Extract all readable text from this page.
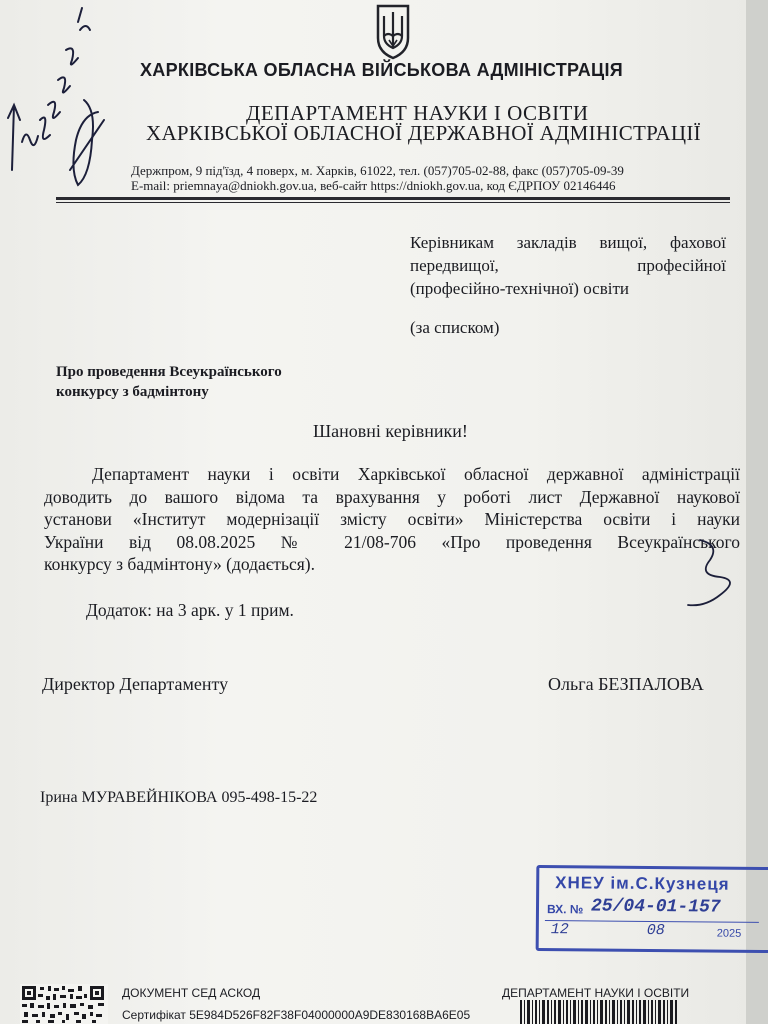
ХАРКІВСЬКА ОБЛАСНА ВІЙСЬКОВА АДМІНІСТРАЦІЯ
ДЕПАРТАМЕНТ НАУКИ І ОСВІТИ
ХАРКІВСЬКОЇ ОБЛАСНОЇ ДЕРЖАВНОЇ АДМІНІСТРАЦІЇ
Держпром, 9 під'їзд, 4 поверх, м. Харків, 61022, тел. (057)705-02-88, факс (057)705-09-39
E-mail: priemnaya@dniokh.gov.ua, веб-сайт https://dniokh.gov.ua, код ЄДРПОУ 02146446
Керівникам закладів вищої, фахової
передвищої, професійної
(професійно-технічної) освіти
(за списком)
Про проведення Всеукраїнського
конкурсу з бадмінтону
Шановні керівники!
Департамент науки і освіти Харківської обласної державної адміністрації
доводить до вашого відома та врахування у роботі лист Державної наукової
установи «Інститут модернізації змісту освіти» Міністерства освіти і науки
України від 08.08.2025 № 21/08-706 «Про проведення Всеукраїнського
конкурсу з бадмінтону» (додається).
Додаток: на 3 арк. у 1 прим.
Директор Департаменту	Ольга БЕЗПАЛОВА
Ірина МУРАВЕЙНІКОВА 095-498-15-22
ХНЕУ ім.С.Кузнеця
ВХ. № 25/04-01-157
12	08	2025
ДОКУМЕНТ СЕД АСКОД
Сертифікат 5E984D526F82F38F04000000A9DE830168BA6E05
ДЕПАРТАМЕНТ НАУКИ І ОСВІТИ
